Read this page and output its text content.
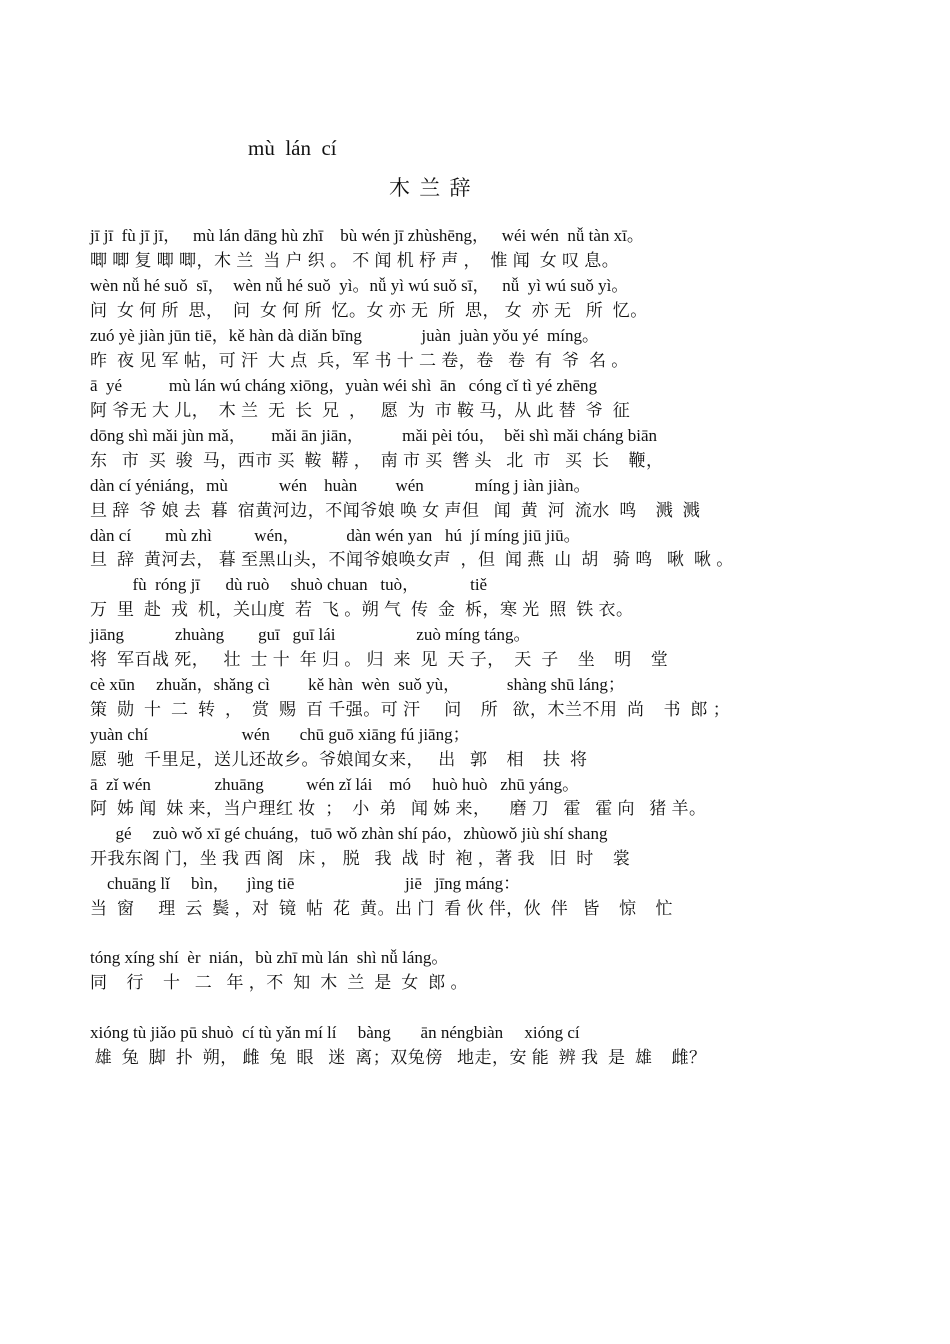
mù  lán  cí
木 兰 辞
jī jī  fù jī jī，   mù lán dāng hù zhī    bù wén jī zhùshēng，   wéi wén  nǚ tàn xī。
唧 唧 复 唧 唧，木 兰  当 户 织 。 不 闻 机 杼 声 ，  惟 闻  女 叹 息。
wèn nǚ hé suǒ  sī，  wèn nǚ hé suǒ  yì。nǚ yì wú suǒ sī，   nǚ  yì wú suǒ yì。
问  女 何 所  思，  问  女 何 所  忆。女 亦 无  所  思， 女  亦 无   所  忆。
zuó yè jiàn jūn tiē，kě hàn dà diǎn bīng              juàn  juàn yǒu yé  míng。
昨  夜 见 军 帖，可 汗  大 点  兵，军 书 十 二 卷，卷   卷  有  爷  名 。
ā  yé           mù lán wú cháng xiōng，yuàn wéi shì  ān   cóng cǐ tì yé zhēng
阿 爷无 大 儿，  木 兰  无  长  兄  ，   愿  为  市 鞍 马，从 此 替  爷  征
dōng shì mǎi jùn mǎ，      mǎi ān jiān，         mǎi pèi tóu，  běi shì mǎi cháng biān
东   市  买  骏  马，西市 买  鞍  鞯 ，  南 市 买  辔 头   北  市   买  长    鞭，
dàn cí yéniáng，mù            wén    huàn         wén            míng j iàn jiàn。
旦 辞  爷 娘 去  暮  宿黄河边，不闻爷娘 唤 女 声但   闻  黄  河  流水  鸣    溅  溅
dàn cí        mù zhì          wén，           dàn wén yan   hú  jí míng jiū jiū。
旦  辞  黄河去， 暮 至黑山头，不闻爷娘唤女声  ，但  闻 燕  山  胡   骑 鸣   啾  啾 。
fù  róng jī      dù ruò     shuò chuan   tuò，            tiě
万  里  赴  戎  机，关山度  若  飞 。朔 气  传  金  柝，寒 光  照  铁 衣。
jiāng            zhuàng        guī   guī lái                   zuò míng táng。
将  军百战 死，   壮  士 十  年 归 。 归  来  见  天 子，  天  子    坐    明    堂
cè xūn     zhuǎn，shǎng cì         kě hàn  wèn  suǒ yù，           shàng shū láng；
策  勋  十  二  转  ，  赏  赐  百 千强。可 汗     问    所   欲，木兰不用  尚    书  郎 ；
yuàn chí                      wén       chū guō xiāng fú jiāng；
愿  驰  千里足，送儿还故乡。爷娘闻女来，   出   郭    相    扶  将
ā  zǐ wén               zhuāng          wén zǐ lái    mó     huò huò   zhū yáng。
阿  姊 闻  妹 来，当户理红 妆  ；  小  弟   闻 姊 来，    磨 刀   霍   霍 向   猪 羊。
gé     zuò wǒ xī gé chuáng，tuō wǒ zhàn shí páo，zhùowǒ jiù shí shang
开我东阁 门，坐 我 西 阁   床 ， 脱   我  战  时  袍 ，著 我   旧  时    裳
chuāng lǐ     bìn，    jìng tiē                          jiē   jīng máng：
当  窗     理  云  鬓 ，对  镜  帖  花  黄。出 门  看 伙 伴，伙  伴   皆    惊    忙
tóng xíng shí  èr  nián，bù zhī mù lán  shì nǚ láng。
同    行    十   二   年 ，不  知  木  兰  是  女  郎 。
xióng tù jiǎo pū shuò  cí tù yǎn mí lí     bàng       ān néngbiàn     xióng cí
雄  兔  脚  扑  朔， 雌  兔  眼   迷  离；双兔傍   地走，安 能  辨 我  是  雄    雌？
